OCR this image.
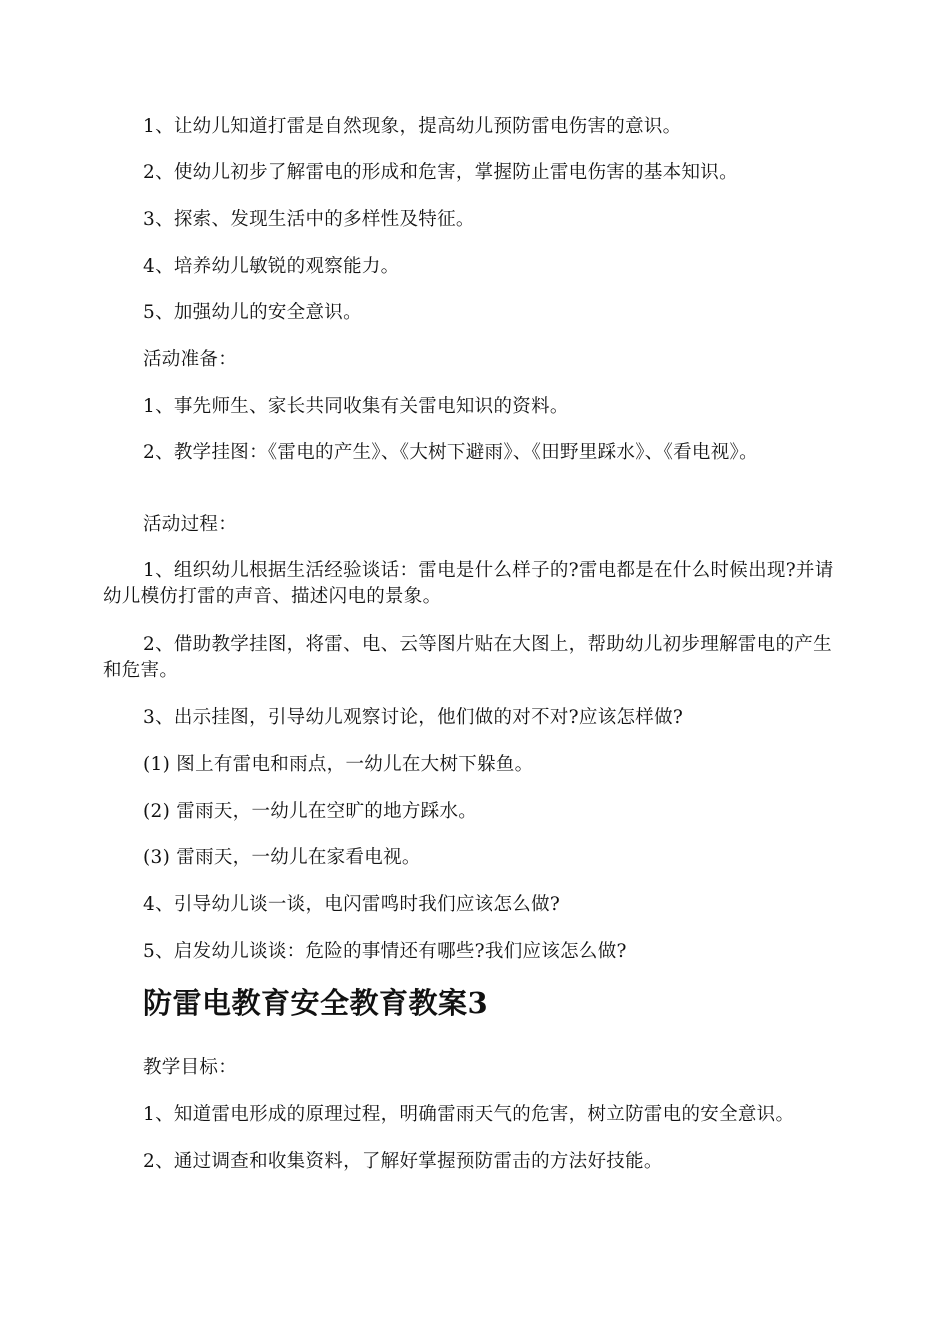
1、让幼儿知道打雷是自然现象，提高幼儿预防雷电伤害的意识。

2、使幼儿初步了解雷电的形成和危害，掌握防止雷电伤害的基本知识。

3、探索、发现生活中的多样性及特征。

4、培养幼儿敏锐的观察能力。

5、加强幼儿的安全意识。

活动准备：

1、事先师生、家长共同收集有关雷电知识的资料。

2、教学挂图：《雷电的产生》、《大树下避雨》、《田野里踩水》、《看电视》。

活动过程：

1、组织幼儿根据生活经验谈话：雷电是什么样子的?雷电都是在什么时候出现?并请幼儿模仿打雷的声音、描述闪电的景象。

2、借助教学挂图，将雷、电、云等图片贴在大图上，帮助幼儿初步理解雷电的产生和危害。

3、出示挂图，引导幼儿观察讨论，他们做的对不对?应该怎样做?

(1) 图上有雷电和雨点，一幼儿在大树下躲鱼。

(2) 雷雨天，一幼儿在空旷的地方踩水。

(3) 雷雨天，一幼儿在家看电视。

4、引导幼儿谈一谈，电闪雷鸣时我们应该怎么做?

5、启发幼儿谈谈：危险的事情还有哪些?我们应该怎么做?

防雷电教育安全教育教案3

教学目标：

1、知道雷电形成的原理过程，明确雷雨天气的危害，树立防雷电的安全意识。

2、通过调查和收集资料，了解好掌握预防雷击的方法好技能。
